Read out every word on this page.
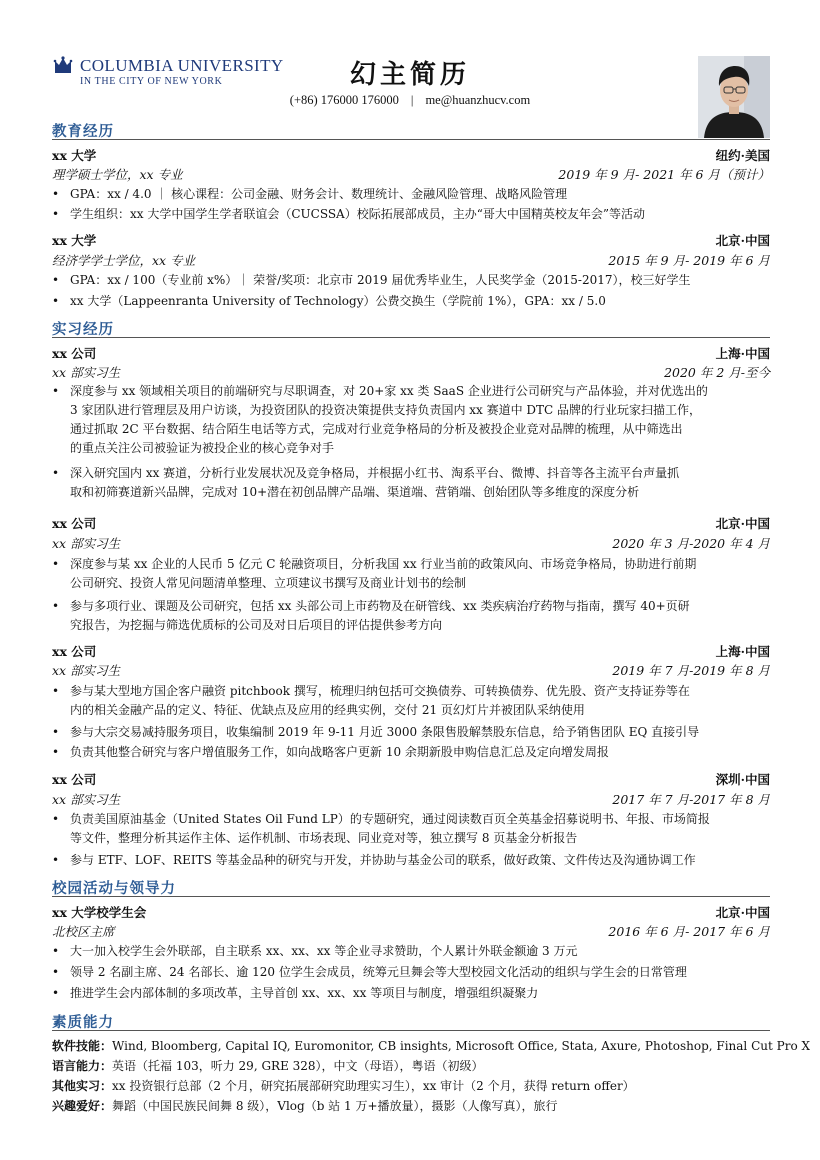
COLUMBIA UNIVERSITY
IN THE CITY OF NEW YORK	幻主简历
(+86) 176000 176000 | me@huanzhucv.com
教育经历
xx 大学	纽约·美国
理学硕士学位，xx 专业	2019 年 9 月- 2021 年 6 月（预计）
• GPA：xx / 4.0 ｜ 核心课程：公司金融、财务会计、数理统计、金融风险管理、战略风险管理
• 学生组织：xx 大学中国学生学者联谊会（CUCSSA）校际拓展部成员，主办“哥大中国精英校友年会”等活动
xx 大学	北京·中国
经济学学士学位，xx 专业	2015 年 9 月- 2019 年 6 月
• GPA：xx / 100（专业前 x%）｜ 荣誉/奖项：北京市 2019 届优秀毕业生，人民奖学金（2015-2017），校三好学生
• xx 大学（Lappeenranta University of Technology）公费交换生（学院前 1%），GPA：xx / 5.0
实习经历
xx 公司	上海·中国
xx 部实习生	2020 年 2 月-至今
• 深度参与 xx 领域相关项目的前端研究与尽职调查，对 20+家 xx 类 SaaS 企业进行公司研究与产品体验，并对优选出的
3 家团队进行管理层及用户访谈，为投资团队的投资决策提供支持负责国内 xx 赛道中 DTC 品牌的行业玩家扫描工作，
通过抓取 2C 平台数据、结合陌生电话等方式，完成对行业竞争格局的分析及被投企业竞对品牌的梳理，从中筛选出
的重点关注公司被验证为被投企业的核心竞争对手
• 深入研究国内 xx 赛道，分析行业发展状况及竞争格局，并根据小红书、淘系平台、微博、抖音等各主流平台声量抓
取和初筛赛道新兴品牌，完成对 10+潜在初创品牌产品端、渠道端、营销端、创始团队等多维度的深度分析
xx 公司	北京·中国
xx 部实习生	2020 年 3 月-2020 年 4 月
• 深度参与某 xx 企业的人民币 5 亿元 C 轮融资项目，分析我国 xx 行业当前的政策风向、市场竞争格局，协助进行前期
公司研究、投资人常见问题清单整理、立项建议书撰写及商业计划书的绘制
• 参与多项行业、课题及公司研究，包括 xx 头部公司上市药物及在研管线、xx 类疾病治疗药物与指南，撰写 40+页研
究报告，为挖掘与筛选优质标的公司及对日后项目的评估提供参考方向
xx 公司	上海·中国
xx 部实习生	2019 年 7 月-2019 年 8 月
• 参与某大型地方国企客户融资 pitchbook 撰写，梳理归纳包括可交换债券、可转换债券、优先股、资产支持证券等在
内的相关金融产品的定义、特征、优缺点及应用的经典实例，交付 21 页幻灯片并被团队采纳使用
• 参与大宗交易减持服务项目，收集编制 2019 年 9-11 月近 3000 条限售股解禁股东信息，给予销售团队 EQ 直接引导
• 负责其他整合研究与客户增值服务工作，如向战略客户更新 10 余期新股申购信息汇总及定向增发周报
xx 公司	深圳·中国
xx 部实习生	2017 年 7 月-2017 年 8 月
• 负责美国原油基金（United States Oil Fund LP）的专题研究，通过阅读数百页全英基金招募说明书、年报、市场简报
等文件，整理分析其运作主体、运作机制、市场表现、同业竞对等，独立撰写 8 页基金分析报告
• 参与 ETF、LOF、REITS 等基金品种的研究与开发，并协助与基金公司的联系，做好政策、文件传达及沟通协调工作
校园活动与领导力
xx 大学校学生会	北京·中国
北校区主席	2016 年 6 月- 2017 年 6 月
• 大一加入校学生会外联部，自主联系 xx、xx、xx 等企业寻求赞助，个人累计外联金额逾 3 万元
• 领导 2 名副主席、24 名部长、逾 120 位学生会成员，统筹元旦舞会等大型校园文化活动的组织与学生会的日常管理
• 推进学生会内部体制的多项改革，主导首创 xx、xx、xx 等项目与制度，增强组织凝聚力
素质能力
软件技能：Wind, Bloomberg, Capital IQ, Euromonitor, CB insights, Microsoft Office, Stata, Axure, Photoshop, Final Cut Pro X
语言能力：英语（托福 103，听力 29, GRE 328），中文（母语），粤语（初级）
其他实习：xx 投资银行总部（2 个月，研究拓展部研究助理实习生），xx 审计（2 个月，获得 return offer）
兴趣爱好：舞蹈（中国民族民间舞 8 级），Vlog（b 站 1 万+播放量），摄影（人像写真），旅行
